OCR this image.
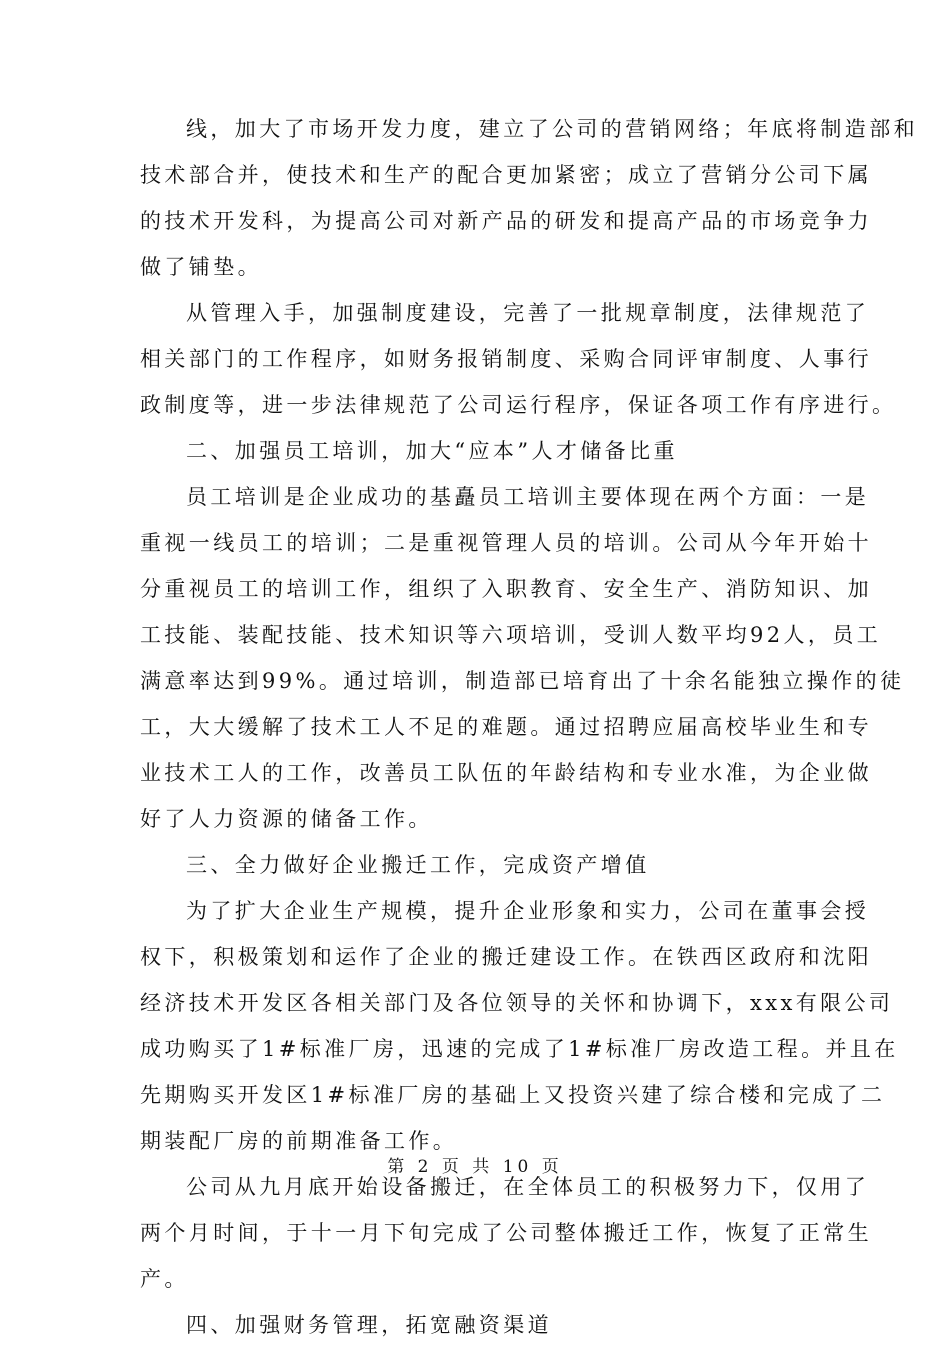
线，加大了市场开发力度，建立了公司的营销网络；年底将制造部和
技术部合并，使技术和生产的配合更加紧密；成立了营销分公司下属
的技术开发科，为提高公司对新产品的研发和提高产品的市场竞争力
做了铺垫。
从管理入手，加强制度建设，完善了一批规章制度，法律规范了
相关部门的工作程序，如财务报销制度、采购合同评审制度、人事行
政制度等，进一步法律规范了公司运行程序，保证各项工作有序进行。
二、加强员工培训，加大“应本”人才储备比重
员工培训是企业成功的基矗员工培训主要体现在两个方面：一是
重视一线员工的培训；二是重视管理人员的培训。公司从今年开始十
分重视员工的培训工作，组织了入职教育、安全生产、消防知识、加
工技能、装配技能、技术知识等六项培训，受训人数平均92人，员工
满意率达到99%。通过培训，制造部已培育出了十余名能独立操作的徒
工，大大缓解了技术工人不足的难题。通过招聘应届高校毕业生和专
业技术工人的工作，改善员工队伍的年龄结构和专业水准，为企业做
好了人力资源的储备工作。
三、全力做好企业搬迁工作，完成资产增值
为了扩大企业生产规模，提升企业形象和实力，公司在董事会授
权下，积极策划和运作了企业的搬迁建设工作。在铁西区政府和沈阳
经济技术开发区各相关部门及各位领导的关怀和协调下，xxx有限公司
成功购买了1#标准厂房，迅速的完成了1#标准厂房改造工程。并且在
先期购买开发区1#标准厂房的基础上又投资兴建了综合楼和完成了二
期装配厂房的前期准备工作。
公司从九月底开始设备搬迁，在全体员工的积极努力下，仅用了
两个月时间，于十一月下旬完成了公司整体搬迁工作，恢复了正常生
产。
四、加强财务管理，拓宽融资渠道
第 2 页 共 10 页
